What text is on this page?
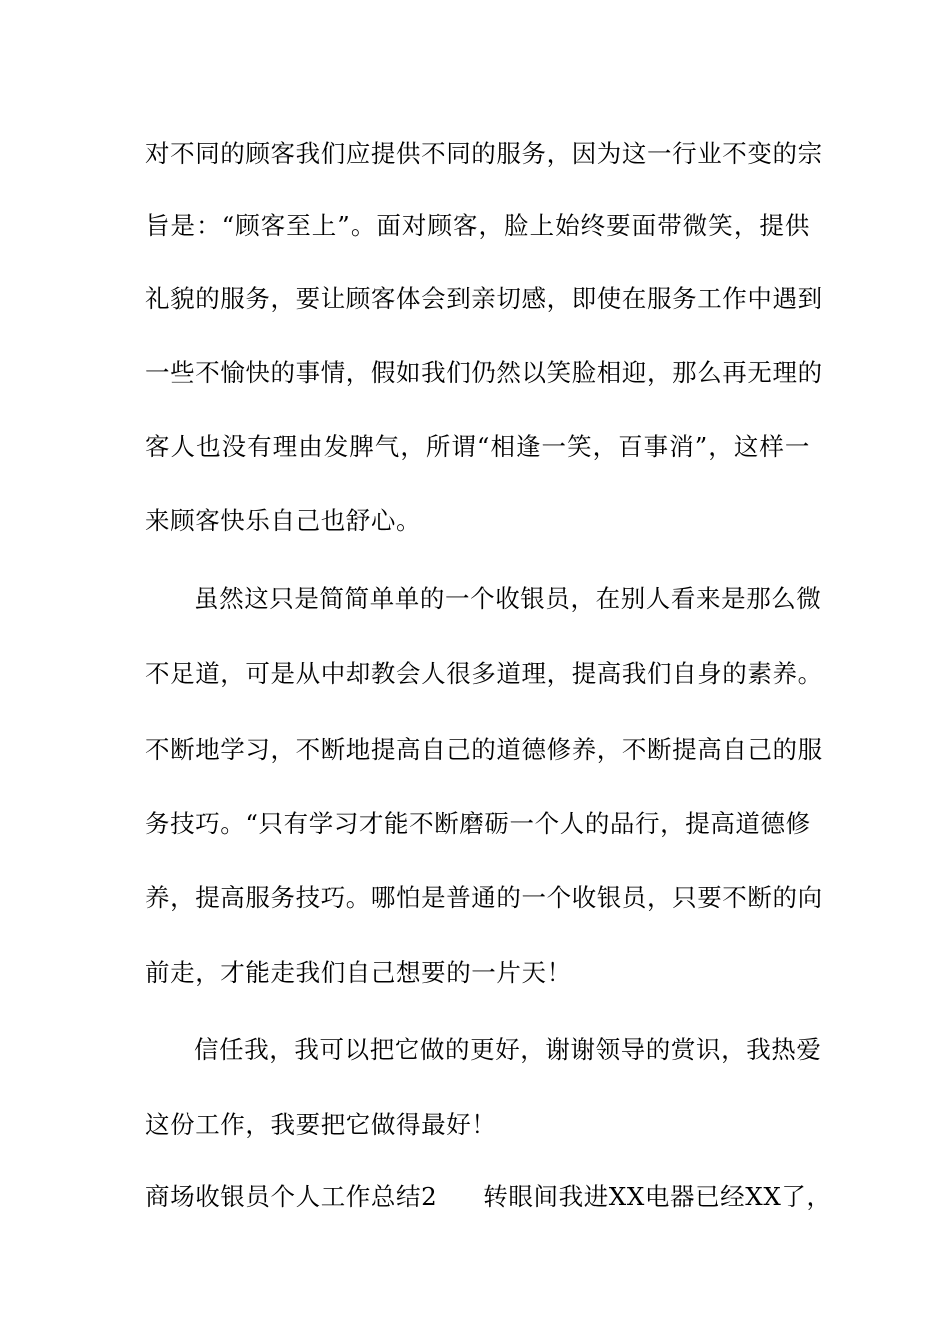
对不同的顾客我们应提供不同的服务，因为这一行业不变的宗
旨是：“顾客至上”。面对顾客，脸上始终要面带微笑，提供
礼貌的服务，要让顾客体会到亲切感，即使在服务工作中遇到
一些不愉快的事情，假如我们仍然以笑脸相迎，那么再无理的
客人也没有理由发脾气，所谓“相逢一笑，百事消”，这样一
来顾客快乐自己也舒心。
虽然这只是简简单单的一个收银员，在别人看来是那么微
不足道，可是从中却教会人很多道理，提高我们自身的素养。
不断地学习，不断地提高自己的道德修养，不断提高自己的服
务技巧。“只有学习才能不断磨砺一个人的品行，提高道德修
养，提高服务技巧。哪怕是普通的一个收银员，只要不断的向
前走，才能走我们自己想要的一片天！
信任我，我可以把它做的更好，谢谢领导的赏识，我热爱
这份工作，我要把它做得最好！
商场收银员个人工作总结2 转眼间我进XX电器已经XX了，
